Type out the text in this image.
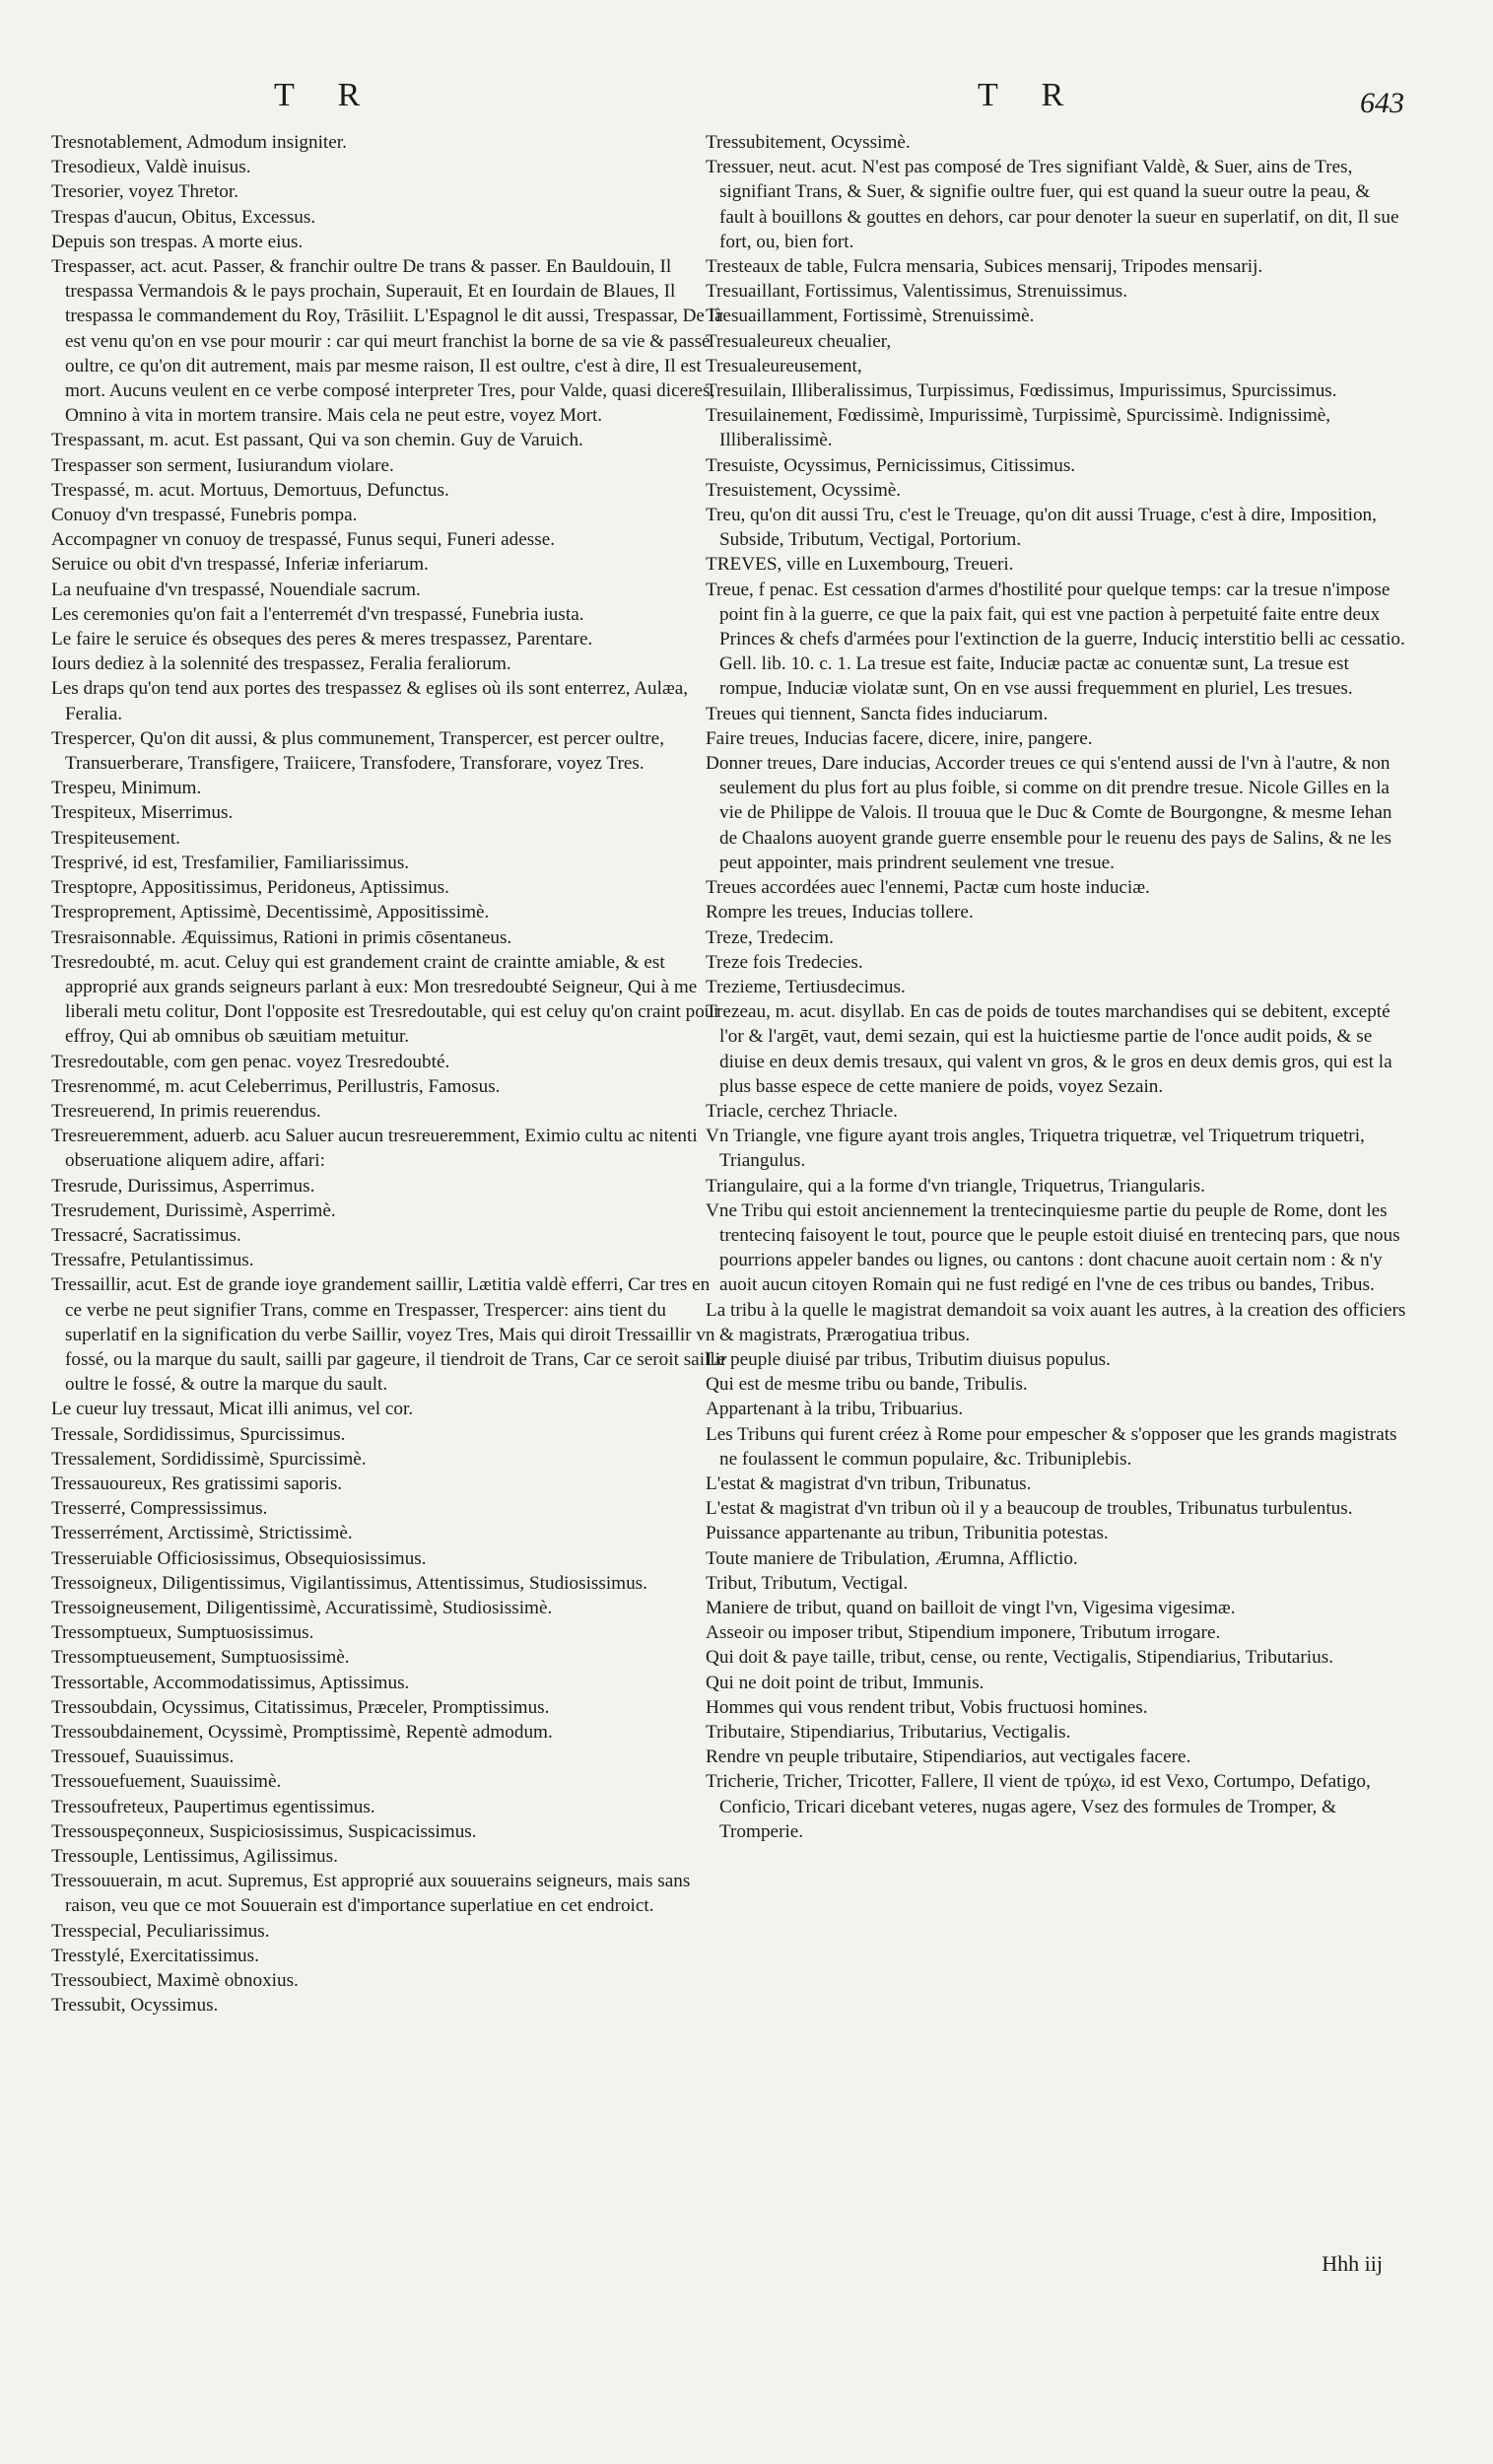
T R	T R	643

Tresnotablement, Admodum insigniter.

Tresodieux, Valdè inuisus.

Tresorier, voyez Thretor.

Trespas d'aucun, Obitus, Excessus.

Depuis son trespas. A morte eius.

Trespasser, act. acut. Passer, & franchir oultre De trans & passer. En Bauldouin, Il trespassa Vermandois & le pays prochain, Superauit, Et en Iourdain de Blaues, Il trespassa le commandement du Roy, Trāsiliit. L'Espagnol le dit aussi, Trespassar, De là est venu qu'on en vse pour mourir : car qui meurt franchist la borne de sa vie & passe oultre, ce qu'on dit autrement, mais par mesme raison, Il est oultre, c'est à dire, Il est mort. Aucuns veulent en ce verbe composé interpreter Tres, pour Valde, quasi diceres, Omnino à vita in mortem transire. Mais cela ne peut estre, voyez Mort.

Trespassant, m. acut. Est passant, Qui va son chemin. Guy de Varuich.

Trespasser son serment, Iusiurandum violare.

Trespassé, m. acut. Mortuus, Demortuus, Defunctus.

Conuoy d'vn trespassé, Funebris pompa.

Accompagner vn conuoy de trespassé, Funus sequi, Funeri adesse.

Seruice ou obit d'vn trespassé, Inferiæ inferiarum.

La neufuaine d'vn trespassé, Nouendiale sacrum.

Les ceremonies qu'on fait a l'enterremét d'vn trespassé, Funebria iusta.

Le faire le seruice és obseques des peres & meres trespassez, Parentare.

Iours dediez à la solennité des trespassez, Feralia feraliorum.

Les draps qu'on tend aux portes des trespassez & eglises où ils sont enterrez, Aulæa, Feralia.

Trespercer, Qu'on dit aussi, & plus communement, Transpercer, est percer oultre, Transuerberare, Transfigere, Traiicere, Transfodere, Transforare, voyez Tres.

Trespeu, Minimum.

Trespiteux, Miserrimus.

Trespiteusement.

Tresprivé, id est, Tresfamilier, Familiarissimus.

Tresptopre, Appositissimus, Peridoneus, Aptissimus.

Tresproprement, Aptissimè, Decentissimè, Appositissimè.

Tresraisonnable. Æquissimus, Rationi in primis cōsentaneus.

Tresredoubté, m. acut. Celuy qui est grandement craint de craintte amiable, & est approprié aux grands seigneurs parlant à eux: Mon tresredoubté Seigneur, Qui à me liberali metu colitur, Dont l'opposite est Tresredoutable, qui est celuy qu'on craint pour effroy, Qui ab omnibus ob sæuitiam metuitur.

Tresredoutable, com gen penac. voyez Tresredoubté.

Tresrenommé, m. acut Celeberrimus, Perillustris, Famosus.

Tresreuerend, In primis reuerendus.

Tresreueremment, aduerb. acu Saluer aucun tresreueremment, Eximio cultu ac nitenti obseruatione aliquem adire, affari:

Tresrude, Durissimus, Asperrimus.

Tresrudement, Durissimè, Asperrimè.

Tressacré, Sacratissimus.

Tressafre, Petulantissimus.

Tressaillir, acut. Est de grande ioye grandement saillir, Lætitia valdè efferri, Car tres en ce verbe ne peut signifier Trans, comme en Trespasser, Trespercer: ains tient du superlatif en la signification du verbe Saillir, voyez Tres, Mais qui diroit Tressaillir vn fossé, ou la marque du sault, sailli par gageure, il tiendroit de Trans, Car ce seroit saillir oultre le fossé, & outre la marque du sault.

Le cueur luy tressaut, Micat illi animus, vel cor.

Tressale, Sordidissimus, Spurcissimus.

Tressalement, Sordidissimè, Spurcissimè.

Tressauoureux, Res gratissimi saporis.

Tresserré, Compressissimus.

Tresserrément, Arctissimè, Strictissimè.

Tresseruiable Officiosissimus, Obsequiosissimus.

Tressoigneux, Diligentissimus, Vigilantissimus, Attentissimus, Studiosissimus.

Tressoigneusement, Diligentissimè, Accuratissimè, Studiosissimè.

Tressomptueux, Sumptuosissimus.

Tressomptueusement, Sumptuosissimè.

Tressortable, Accommodatissimus, Aptissimus.

Tressoubdain, Ocyssimus, Citatissimus, Præceler, Promptissimus.

Tressoubdainement, Ocyssimè, Promptissimè, Repentè admodum.

Tressouef, Suauissimus.

Tressouefuement, Suauissimè.

Tressoufreteux, Paupertimus egentissimus.

Tressouspeçonneux, Suspiciosissimus, Suspicacissimus.

Tressouple, Lentissimus, Agilissimus.

Tressouuerain, m acut. Supremus, Est approprié aux souuerains seigneurs, mais sans raison, veu que ce mot Souuerain est d'importance superlatiue en cet endroict.

Tresspecial, Peculiarissimus.

Tresstylé, Exercitatissimus.

Tressoubiect, Maximè obnoxius.

Tressubit, Ocyssimus.

Tressubitement, Ocyssimè.

Tressuer, neut. acut. N'est pas composé de Tres signifiant Valdè, & Suer, ains de Tres, signifiant Trans, & Suer, & signifie oultre fuer, qui est quand la sueur outre la peau, & fault à bouillons & gouttes en dehors, car pour denoter la sueur en superlatif, on dit, Il sue fort, ou, bien fort.

Tresteaux de table, Fulcra mensaria, Subices mensarij, Tripodes mensarij.

Tresuaillant, Fortissimus, Valentissimus, Strenuissimus.

Tresuaillamment, Fortissimè, Strenuissimè.

Tresualeureux cheualier,

Tresualeureusement,

Tresuilain, Illiberalissimus, Turpissimus, Fœdissimus, Impurissimus, Spurcissimus.

Tresuilainement, Fœdissimè, Impurissimè, Turpissimè, Spurcissimè. Indignissimè, Illiberalissimè.

Tresuiste, Ocyssimus, Pernicissimus, Citissimus.

Tresuistement, Ocyssimè.

Treu, qu'on dit aussi Tru, c'est le Treuage, qu'on dit aussi Truage, c'est à dire, Imposition, Subside, Tributum, Vectigal, Portorium.

TREVES, ville en Luxembourg, Treueri.

Treue, f penac. Est cessation d'armes d'hostilité pour quelque temps: car la tresue n'impose point fin à la guerre, ce que la paix fait, qui est vne paction à perpetuité faite entre deux Princes & chefs d'armées pour l'extinction de la guerre, Induciç interstitio belli ac cessatio. Gell. lib. 10. c. 1. La tresue est faite, Induciæ pactæ ac conuentæ sunt, La tresue est rompue, Induciæ violatæ sunt, On en vse aussi frequemment en pluriel, Les tresues.

Treues qui tiennent, Sancta fides induciarum.

Faire treues, Inducias facere, dicere, inire, pangere.

Donner treues, Dare inducias, Accorder treues ce qui s'entend aussi de l'vn à l'autre, & non seulement du plus fort au plus foible, si comme on dit prendre tresue. Nicole Gilles en la vie de Philippe de Valois. Il trouua que le Duc & Comte de Bourgongne, & mesme Iehan de Chaalons auoyent grande guerre ensemble pour le reuenu des pays de Salins, & ne les peut appointer, mais prindrent seulement vne tresue.

Treues accordées auec l'ennemi, Pactæ cum hoste induciæ.

Rompre les treues, Inducias tollere.

Treze, Tredecim.

Treze fois Tredecies.

Trezieme, Tertiusdecimus.

Trezeau, m. acut. disyllab. En cas de poids de toutes marchandises qui se debitent, excepté l'or & l'argēt, vaut, demi sezain, qui est la huictiesme partie de l'once audit poids, & se diuise en deux demis tresaux, qui valent vn gros, & le gros en deux demis gros, qui est la plus basse espece de cette maniere de poids, voyez Sezain.

Triacle, cerchez Thriacle.

Vn Triangle, vne figure ayant trois angles, Triquetra triquetræ, vel Triquetrum triquetri, Triangulus.

Triangulaire, qui a la forme d'vn triangle, Triquetrus, Triangularis.

Vne Tribu qui estoit anciennement la trentecinquiesme partie du peuple de Rome, dont les trentecinq faisoyent le tout, pource que le peuple estoit diuisé en trentecinq pars, que nous pourrions appeler bandes ou lignes, ou cantons : dont chacune auoit certain nom : & n'y auoit aucun citoyen Romain qui ne fust redigé en l'vne de ces tribus ou bandes, Tribus.

La tribu à la quelle le magistrat demandoit sa voix auant les autres, à la creation des officiers & magistrats, Prærogatiua tribus.

Le peuple diuisé par tribus, Tributim diuisus populus.

Qui est de mesme tribu ou bande, Tribulis.

Appartenant à la tribu, Tribuarius.

Les Tribuns qui furent créez à Rome pour empescher & s'opposer que les grands magistrats ne foulassent le commun populaire, &c. Tribuniplebis.

L'estat & magistrat d'vn tribun, Tribunatus.

L'estat & magistrat d'vn tribun où il y a beaucoup de troubles, Tribunatus turbulentus.

Puissance appartenante au tribun, Tribunitia potestas.

Toute maniere de Tribulation, Ærumna, Afflictio.

Tribut, Tributum, Vectigal.

Maniere de tribut, quand on bailloit de vingt l'vn, Vigesima vigesimæ.

Asseoir ou imposer tribut, Stipendium imponere, Tributum irrogare.

Qui doit & paye taille, tribut, cense, ou rente, Vectigalis, Stipendiarius, Tributarius.

Qui ne doit point de tribut, Immunis.

Hommes qui vous rendent tribut, Vobis fructuosi homines.

Tributaire, Stipendiarius, Tributarius, Vectigalis.

Rendre vn peuple tributaire, Stipendiarios, aut vectigales facere.

Tricherie, Tricher, Tricotter, Fallere, Il vient de τρύχω, id est Vexo, Cortumpo, Defatigo, Conficio, Tricari dicebant veteres, nugas agere, Vsez des formules de Tromper, & Tromperie.

Hhh iij
